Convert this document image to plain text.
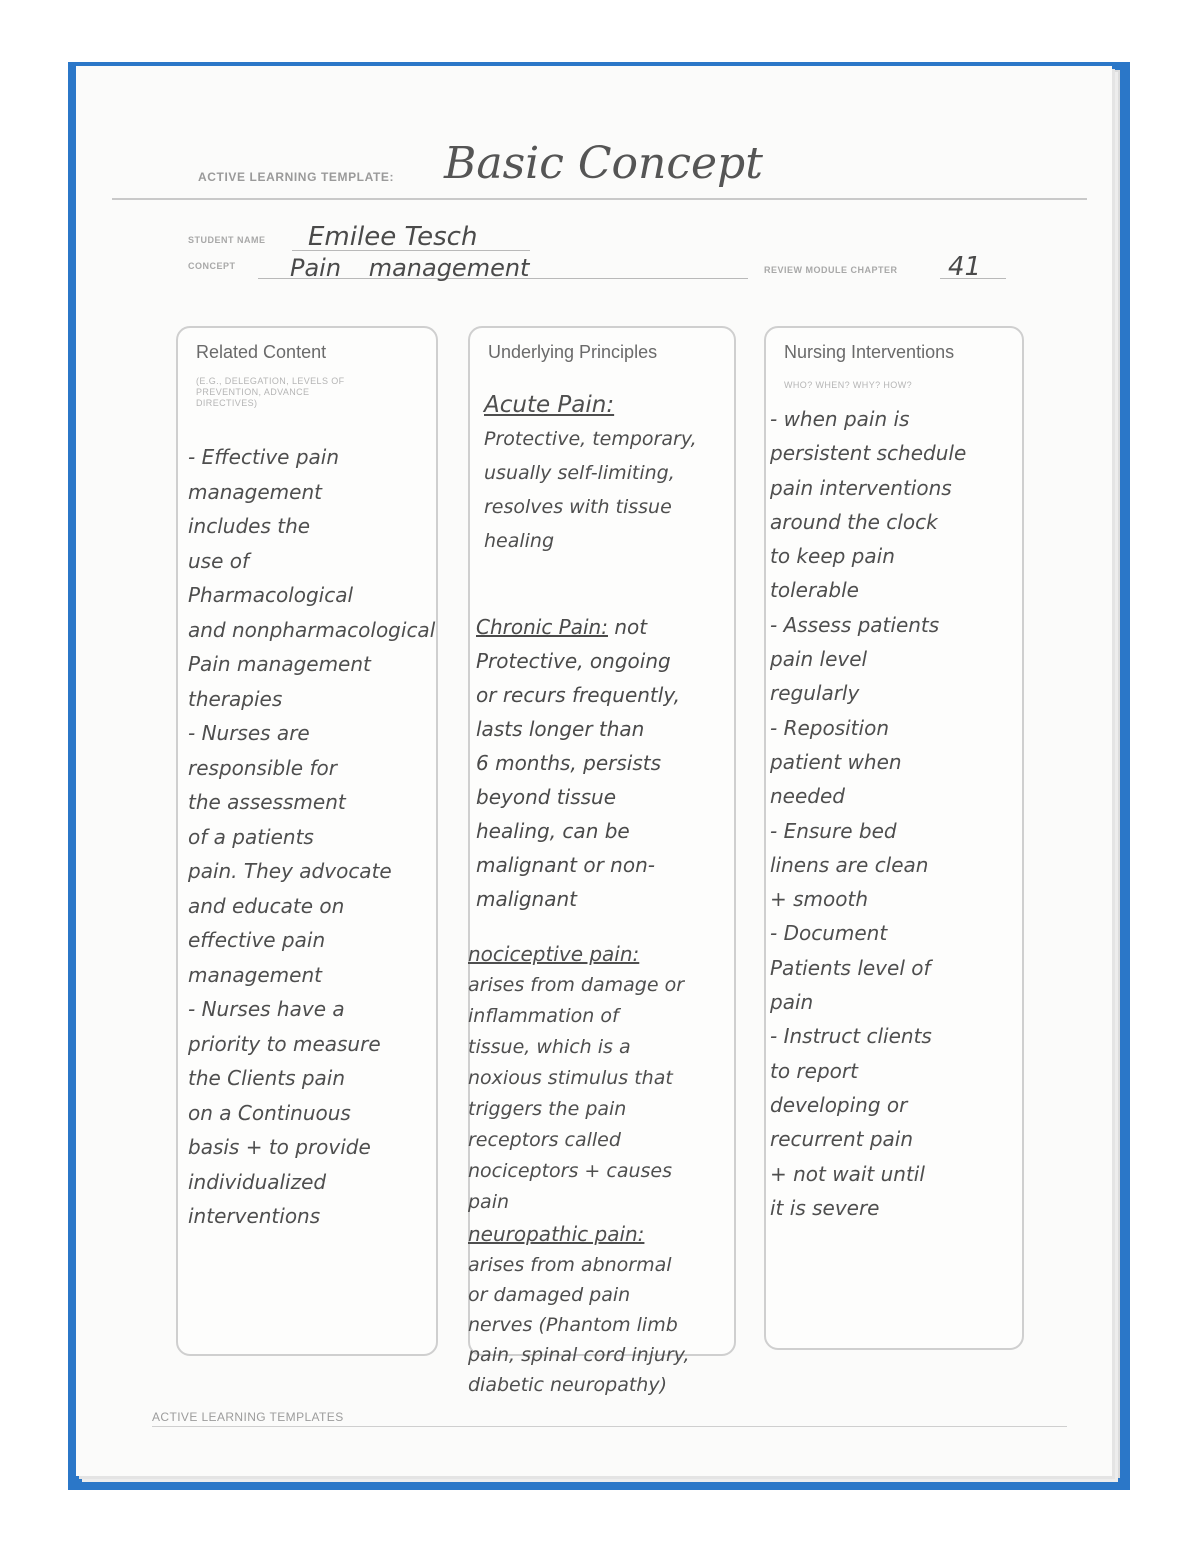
ACTIVE LEARNING TEMPLATE: Basic Concept
STUDENT NAME Emilee Tesch
CONCEPT Pain management	REVIEW MODULE CHAPTER 41
Related Content
(E.G., DELEGATION, LEVELS OF PREVENTION, ADVANCE DIRECTIVES)
- Effective pain
management
includes the
use of
Pharmacological
and nonpharmacological
Pain management
therapies
- Nurses are
responsible for
the assessment
of a patients
pain. They advocate
and educate on
effective pain
management
- Nurses have a
priority to measure
the Clients pain
on a Continuous
basis + to provide
individualized
interventions
Underlying Principles
Acute Pain:
Protective, temporary,
usually self-limiting,
resolves with tissue
healing
Chronic Pain: not
Protective, ongoing
or recurs frequently,
lasts longer than
6 months, persists
beyond tissue
healing, can be
malignant or non-
malignant
nociceptive pain:
arises from damage or
inflammation of
tissue, which is a
noxious stimulus that
triggers the pain
receptors called
nociceptors + causes
pain
neuropathic pain:
arises from abnormal
or damaged pain
nerves (Phantom limb
pain, spinal cord injury,
diabetic neuropathy)
Nursing Interventions
WHO? WHEN? WHY? HOW?
- when pain is
persistent schedule
pain interventions
around the clock
to keep pain
tolerable
- Assess patients
pain level
regularly
- Reposition
patient when
needed
- Ensure bed
linens are clean
+ smooth
- Document
Patients level of
pain
- Instruct clients
to report
developing or
recurrent pain
+ not wait until
it is severe
ACTIVE LEARNING TEMPLATES
